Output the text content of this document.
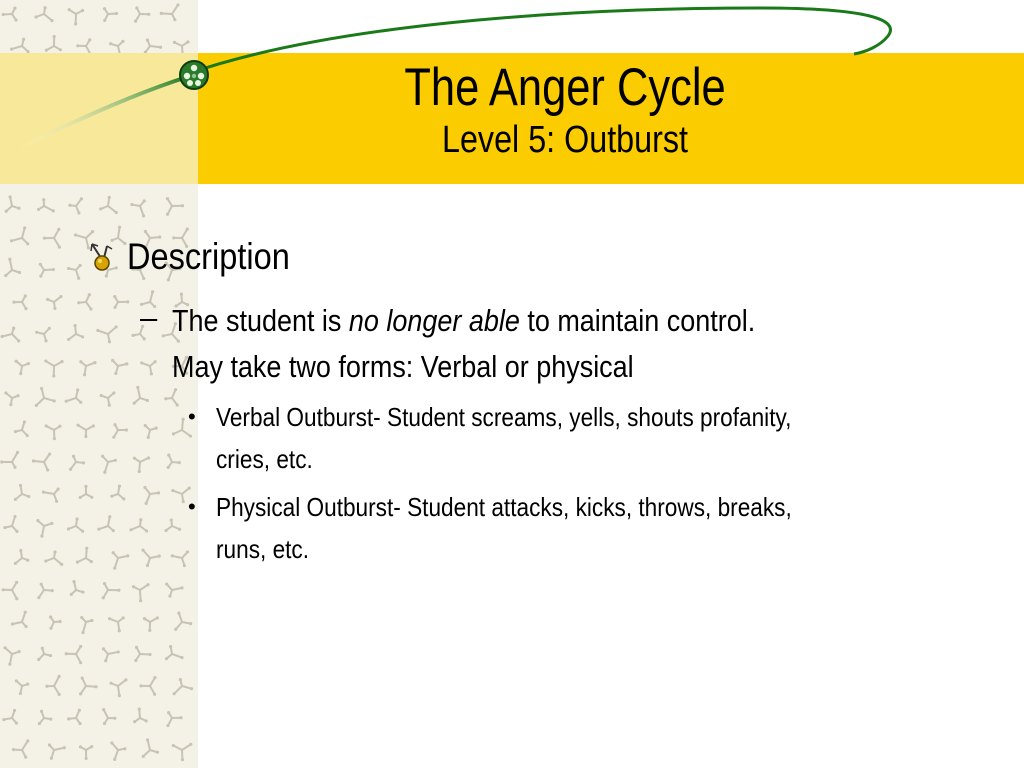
The Anger Cycle
Level 5: Outburst
Description
– The student is no longer able to maintain control.
May take two forms: Verbal or physical
• Verbal Outburst- Student screams, yells, shouts profanity,
cries, etc.
• Physical Outburst- Student attacks, kicks, throws, breaks,
runs, etc.
